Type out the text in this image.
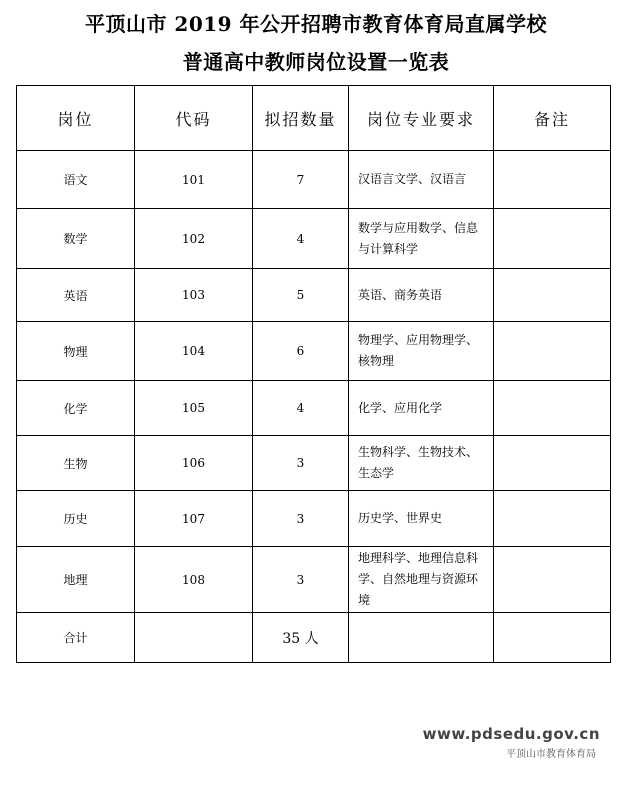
平顶山市 2019 年公开招聘市教育体育局直属学校
普通高中教师岗位设置一览表
岗位	代码	拟招数量	岗位专业要求	备注
语文	101	7	汉语言文学、汉语言	
数学	102	4	数学与应用数学、信息与计算科学	
英语	103	5	英语、商务英语	
物理	104	6	物理学、应用物理学、核物理	
化学	105	4	化学、应用化学	
生物	106	3	生物科学、生物技术、生态学	
历史	107	3	历史学、世界史	
地理	108	3	地理科学、地理信息科学、自然地理与资源环境	
合计		35 人		
www.pdsedu.gov.cn
平顶山市教育体育局
